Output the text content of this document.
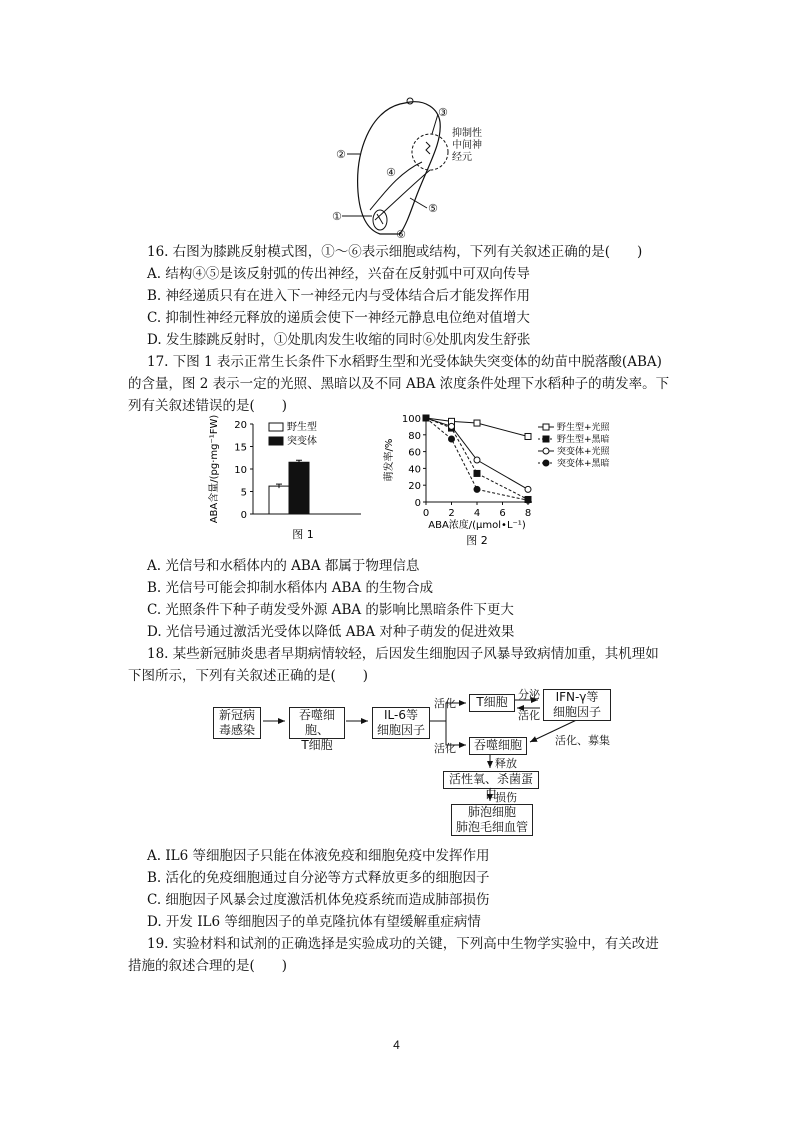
①
②
③
④
⑤
⑥
抑制性
中间神
经元
16. 右图为膝跳反射模式图，①～⑥表示细胞或结构，下列有关叙述正确的是(　　)
A. 结构④⑤是该反射弧的传出神经，兴奋在反射弧中可双向传导
B. 神经递质只有在进入下一神经元内与受体结合后才能发挥作用
C. 抑制性神经元释放的递质会使下一神经元静息电位绝对值增大
D. 发生膝跳反射时，①处肌肉发生收缩的同时⑥处肌肉发生舒张
17. 下图 1 表示正常生长条件下水稻野生型和光受体缺失突变体的幼苗中脱落酸(ABA)
的含量，图 2 表示一定的光照、黑暗以及不同 ABA 浓度条件处理下水稻种子的萌发率。下
列有关叙述错误的是(　　)
0
5
10
15
20
ABA含量/(pg·mg⁻¹FW)	野生型
突变体
图 1
0
20
40
60
80
100
0 2 4 6 8
萌发率/%
ABA浓度/(μmol•L⁻¹)
图 2
野生型+光照
野生型+黑暗
突变体+光照
突变体+黑暗
A. 光信号和水稻体内的 ABA 都属于物理信息
B. 光信号可能会抑制水稻体内 ABA 的生物合成
C. 光照条件下种子萌发受外源 ABA 的影响比黑暗条件下更大
D. 光信号通过激活光受体以降低 ABA 对种子萌发的促进效果
18. 某些新冠肺炎患者早期病情较轻，后因发生细胞因子风暴导致病情加重，其机理如
下图所示，下列有关叙述正确的是(　　)
新冠病
毒感染
吞噬细胞、
T细胞
IL-6等
细胞因子
T细胞	IFN-γ等
细胞因子
吞噬细胞
活性氧、杀菌蛋白
肺泡细胞
肺泡毛细血管
活化
活化
分泌
活化
活化、募集
释放
损伤
A. IL6 等细胞因子只能在体液免疫和细胞免疫中发挥作用
B. 活化的免疫细胞通过自分泌等方式释放更多的细胞因子
C. 细胞因子风暴会过度激活机体免疫系统而造成肺部损伤
D. 开发 IL6 等细胞因子的单克隆抗体有望缓解重症病情
19. 实验材料和试剂的正确选择是实验成功的关键，下列高中生物学实验中，有关改进
措施的叙述合理的是(　　)
4
